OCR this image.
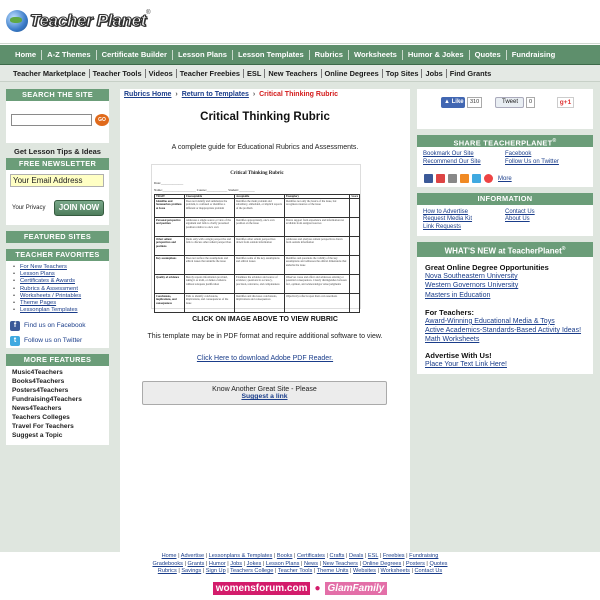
Teacher Planet ®
Home	A-Z Themes	Certificate Builder	Lesson Plans	Lesson Templates	Rubrics	Worksheets	Humor & Jokes	Quotes	Fundraising
Teacher Marketplace Teacher Tools Videos Teacher Freebies ESL New Teachers Online Degrees Top Sites Jobs Find Grants
SEARCH THE SITE
GO
Get Lesson Tips & Ideas
FREE NEWSLETTER
Your Email Address
Your Privacy	JOIN NOW
FEATURED SITES
TEACHER FAVORITES
• For New Teachers
• Lesson Plans
• Certificates & Awards
• Rubrics & Assessment
• Worksheets / Printables
• Theme Pages
• Lessonplan Templates
f	Find us on Facebook
t	Follow us on Twitter
MORE FEATURES
Music4Teachers
Books4Teachers
Posters4Teachers
Fundraising4Teachers
News4Teachers
Teachers Colleges
Travel For Teachers
Suggest a Topic
Rubrics Home › Return to Templates › Critical Thinking Rubric
Critical Thinking Rubric
A complete guide for Educational Rubrics and Assessments.
Critical Thinking Rubric
Date:______________
Name:_____________________ Course:_____________ Student:__________
TRAIT	Unacceptable	Acceptable	Exemplary	Score
Identifies and Summarizes problem at Issue	Does not identify and summarize the problem, is confused or identifies a different or inappropriate problem	Identifies the main problem and subsidiary, embedded, or implicit aspects of the problem	Identifies not only the basics of the issue, but recognizes nuances of the issue	
Personal perspective and position	Addresses a single source or view of the argument and fails to clarify presented position relative to one's own	Identifies appropriately, one's own position on the issue	Draws support from experience and information not available from assigned sources	
Other salient perspectives and positions	Deals only with a single perspective and fails to discuss other salient perspectives	Identifies other salient perspectives drawn from outside information	Addresses and analyzes salient perspectives drawn from outside information	
Key assumptions	Does not surface the assumptions and ethical issues that underlie the issue	Identifies some of the key assumptions and ethical issues	Identifies and questions the validity of the key assumptions and addresses the ethical dimensions that underlie the issue	
Quality of evidence	Merely repeats information provided, taking it as truth, or denies evidence without adequate justification	Examines the evidence and source of evidence; questions its accuracy, precision, relevance, and completeness	Observes cause and effect and addresses existing or potential consequences. Clearly distinguishes between fact, opinion, and acknowledges value judgments	
Conclusions, implications, and consequences	Fails to identify conclusions, implications, and consequences of the issue	Identifies and discusses conclusions, implications and consequences	Objectively reflects upon their own assertions	
CLICK ON IMAGE ABOVE TO VIEW RUBRIC
This template may be in PDF format and require additional software to view.
Click Here to download Adobe PDF Reader.
Know Another Great Site - Please
Suggest a link
▲ Like	310	Tweet	0	g+1
SHARE TEACHERPLANET®

Bookmark Our Site

Recommend Our Site

Facebook

Follow Us on Twitter

More
INFORMATION

How to Advertise

Request Media Kit

Link Requests

Contact Us

About Us

WHAT'S NEW at TeacherPlanet®
Great Online Degree Opportunities
Nova Southeastern University
Western Governors University
Masters in Education
For Teachers:
Award-Winning Educational Media & Toys
Active Academics-Standards-Based Activity Ideas!
Math Worksheets
Advertise With Us!
Place Your Text Link Here!
Home | Advertise | Lessonplans & Templates | Books | Certificates | Crafts | Deals | ESL | Freebies | Fundraising
Gradebooks | Grants | Humor | Jobs | Jokes | Lesson Plans | News | New Teachers | Online Degrees | Posters | Quotes
Rubrics | Savings | Sign Up | Teachers College | Teacher Tools | Theme Units | Websites | Worksheets | Contact Us
womensforum.com ● GlamFamily
